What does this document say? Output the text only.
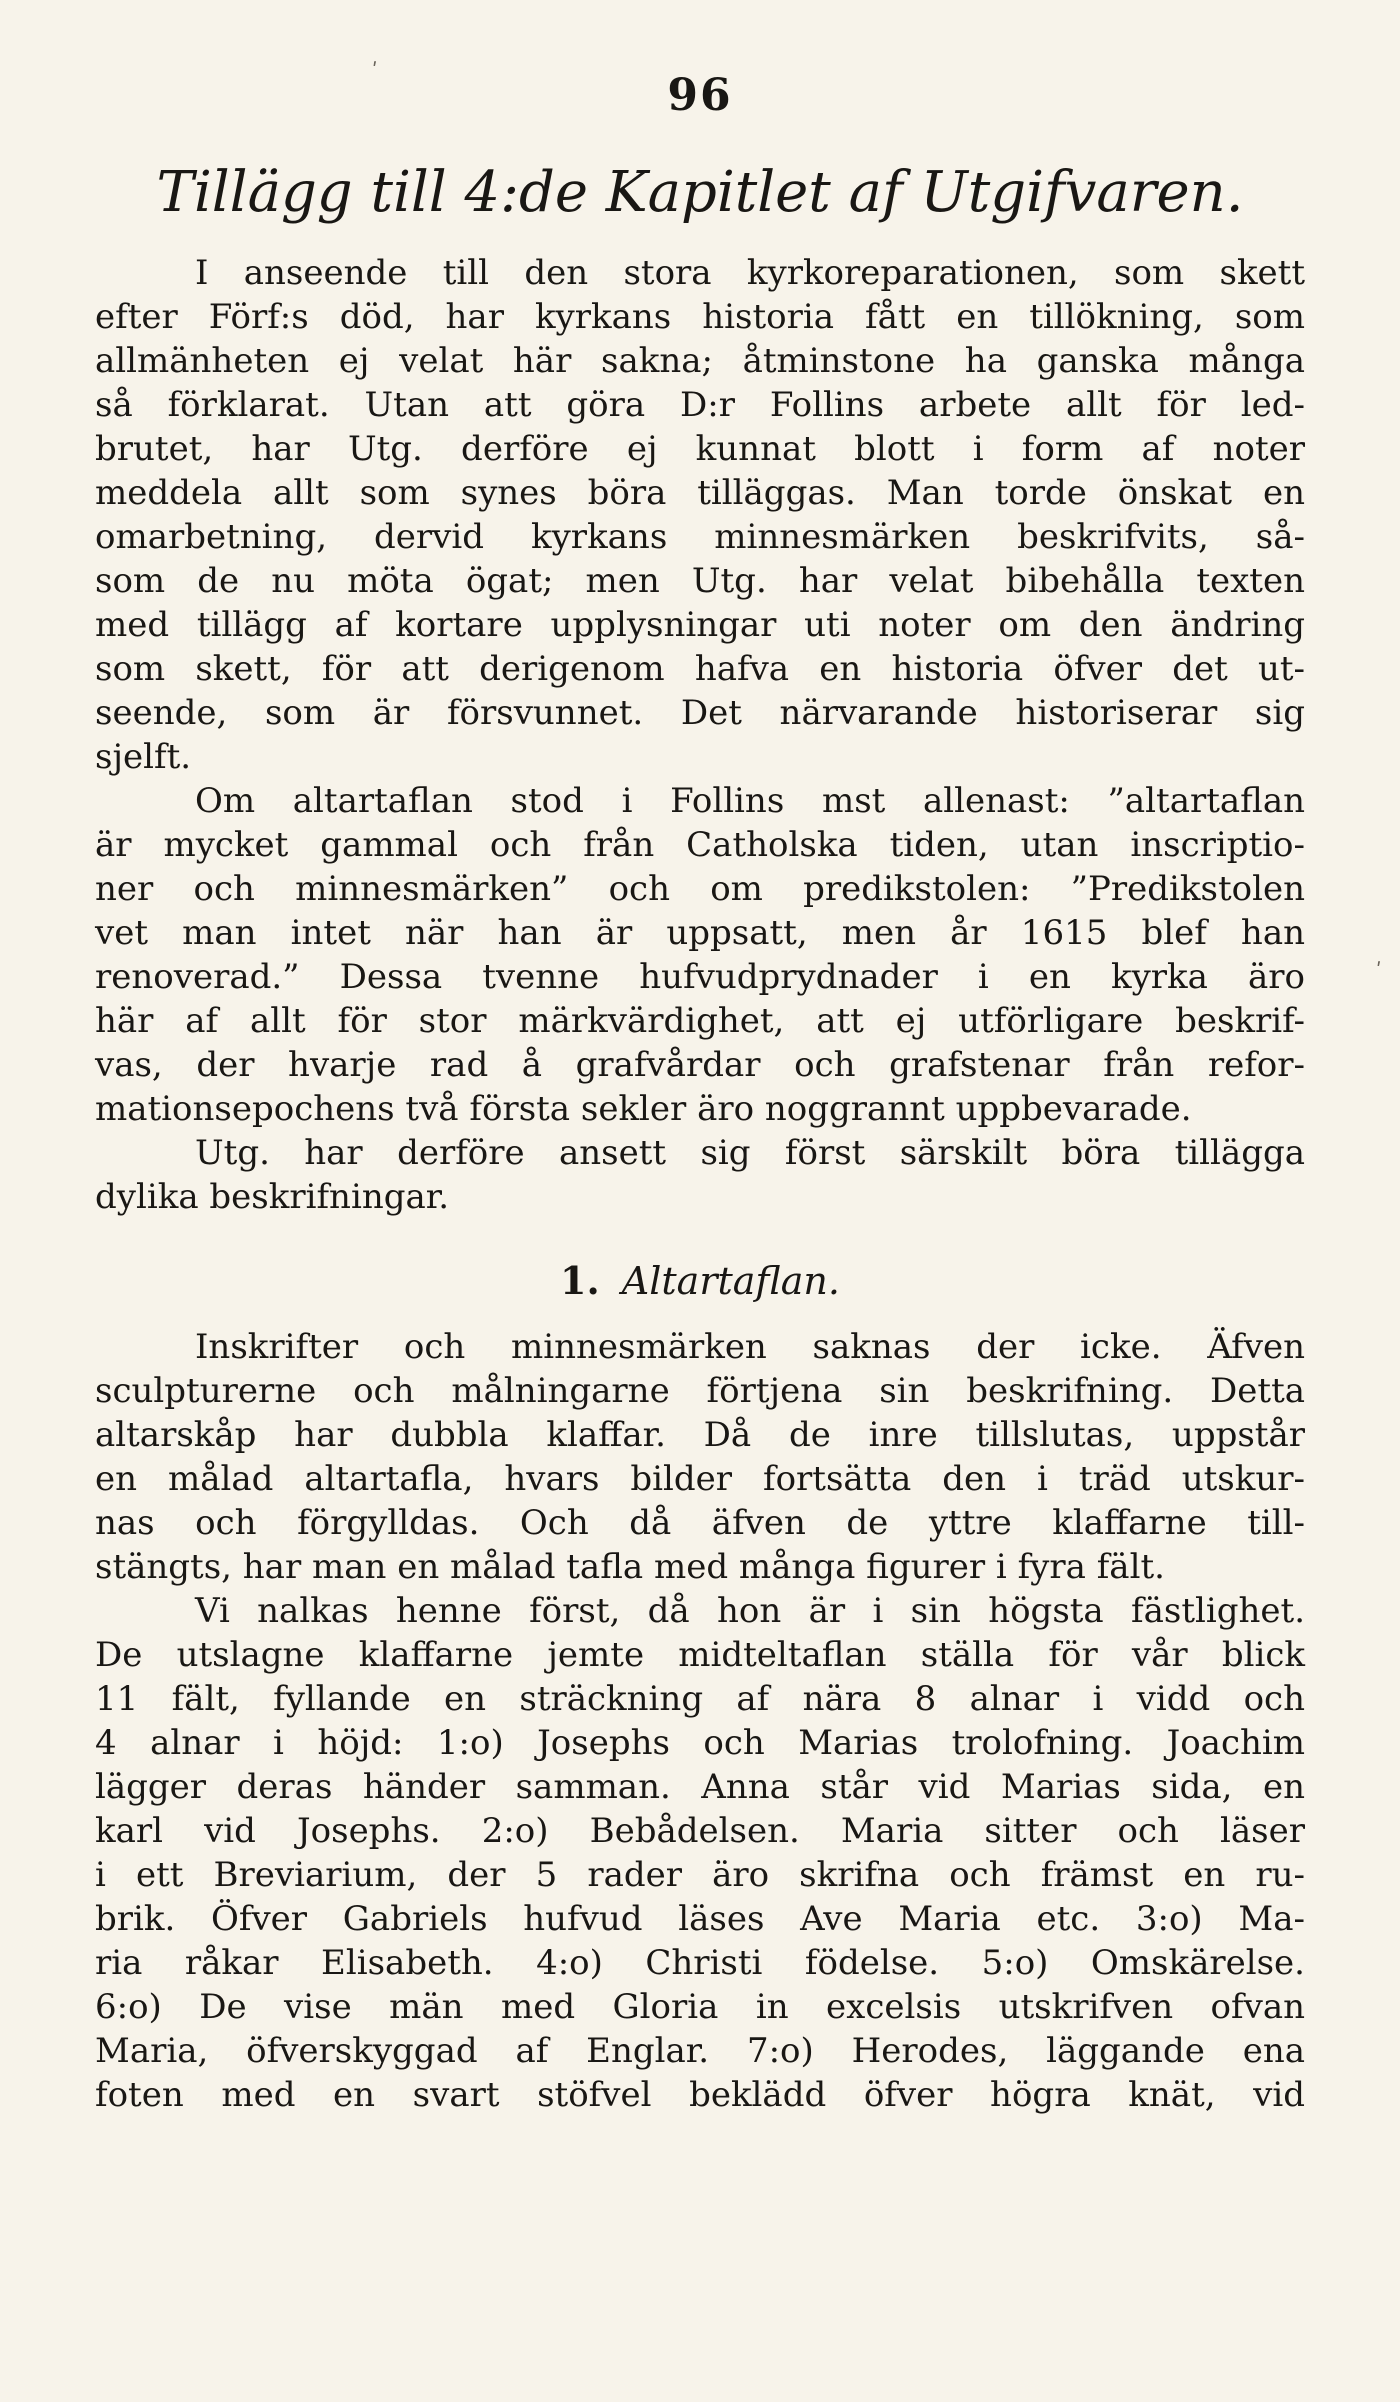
ʹ
ʹ
96
Tillägg till 4:de Kapitlet af Utgifvaren.
I anseende till den stora kyrkoreparationen, som skett
efter Förf:s död, har kyrkans historia fått en tillökning, som
allmänheten ej velat här sakna; åtminstone ha ganska många
så förklarat. Utan att göra D:r Follins arbete allt för led-
brutet, har Utg. derföre ej kunnat blott i form af noter
meddela allt som synes böra tilläggas. Man torde önskat en
omarbetning, dervid kyrkans minnesmärken beskrifvits, så-
som de nu möta ögat; men Utg. har velat bibehålla texten
med tillägg af kortare upplysningar uti noter om den ändring
som skett, för att derigenom hafva en historia öfver det ut-
seende, som är försvunnet. Det närvarande historiserar sig
sjelft.
Om altartaflan stod i Follins mst allenast: ”altartaflan
är mycket gammal och från Catholska tiden, utan inscriptio-
ner och minnesmärken” och om predikstolen: ”Predikstolen
vet man intet när han är uppsatt, men år 1615 blef han
renoverad.” Dessa tvenne hufvudprydnader i en kyrka äro
här af allt för stor märkvärdighet, att ej utförligare beskrif-
vas, der hvarje rad å grafvårdar och grafstenar från refor-
mationsepochens två första sekler äro noggrannt uppbevarade.
Utg. har derföre ansett sig först särskilt böra tillägga
dylika beskrifningar.
1. Altartaflan.
Inskrifter och minnesmärken saknas der icke. Äfven
sculpturerne och målningarne förtjena sin beskrifning. Detta
altarskåp har dubbla klaffar. Då de inre tillslutas, uppstår
en målad altartafla, hvars bilder fortsätta den i träd utskur-
nas och förgylldas. Och då äfven de yttre klaffarne till-
stängts, har man en målad tafla med många figurer i fyra fält.
Vi nalkas henne först, då hon är i sin högsta fästlighet.
De utslagne klaffarne jemte midteltaflan ställa för vår blick
11 fält, fyllande en sträckning af nära 8 alnar i vidd och
4 alnar i höjd: 1:o) Josephs och Marias trolofning. Joachim
lägger deras händer samman. Anna står vid Marias sida, en
karl vid Josephs. 2:o) Bebådelsen. Maria sitter och läser
i ett Breviarium, der 5 rader äro skrifna och främst en ru-
brik. Öfver Gabriels hufvud läses Ave Maria etc. 3:o) Ma-
ria råkar Elisabeth. 4:o) Christi födelse. 5:o) Omskärelse.
6:o) De vise män med Gloria in excelsis utskrifven ofvan
Maria, öfverskyggad af Englar. 7:o) Herodes, läggande ena
foten med en svart stöfvel beklädd öfver högra knät, vid
